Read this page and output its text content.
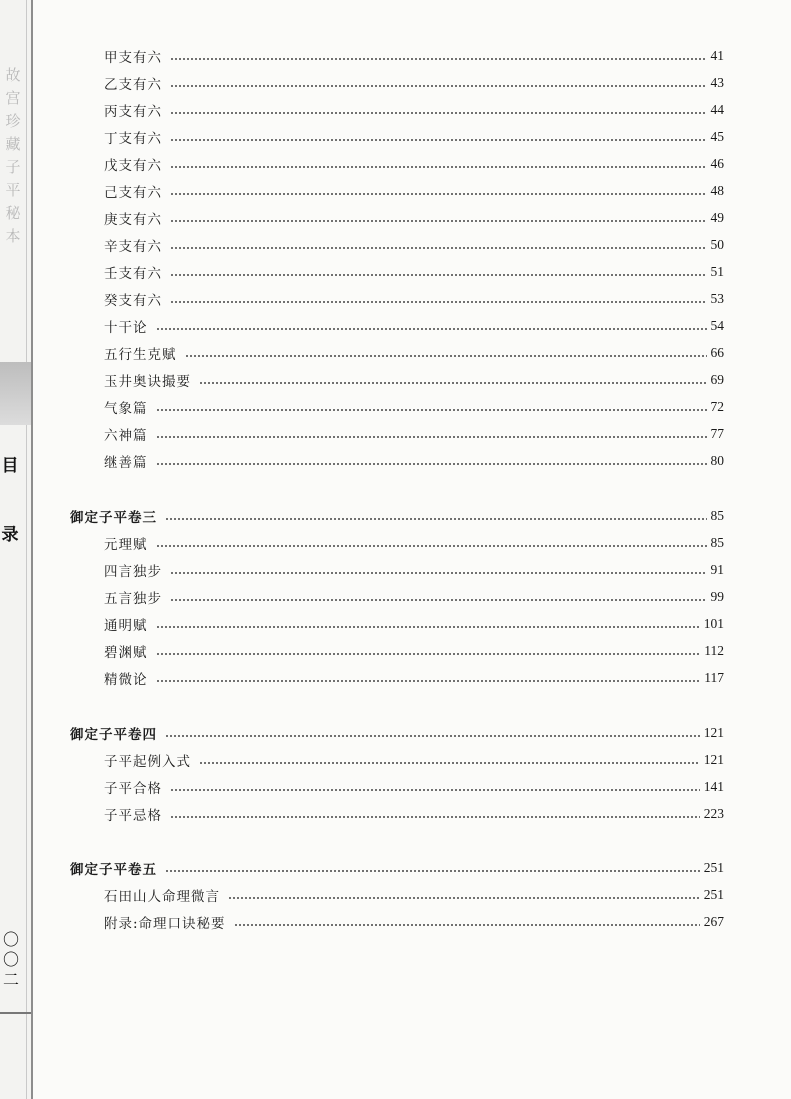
故宫珍藏子平秘本
目
录
〇〇二
甲支有六	41
乙支有六	43
丙支有六	44
丁支有六	45
戊支有六	46
己支有六	48
庚支有六	49
辛支有六	50
壬支有六	51
癸支有六	53
十干论	54
五行生克赋	66
玉井奥诀撮要	69
气象篇	72
六神篇	77
继善篇	80
御定子平卷三	85
元理赋	85
四言独步	91
五言独步	99
通明赋	101
碧渊赋	112
精微论	117
御定子平卷四	121
子平起例入式	121
子平合格	141
子平忌格	223
御定子平卷五	251
石田山人命理微言	251
附录:命理口诀秘要	267
